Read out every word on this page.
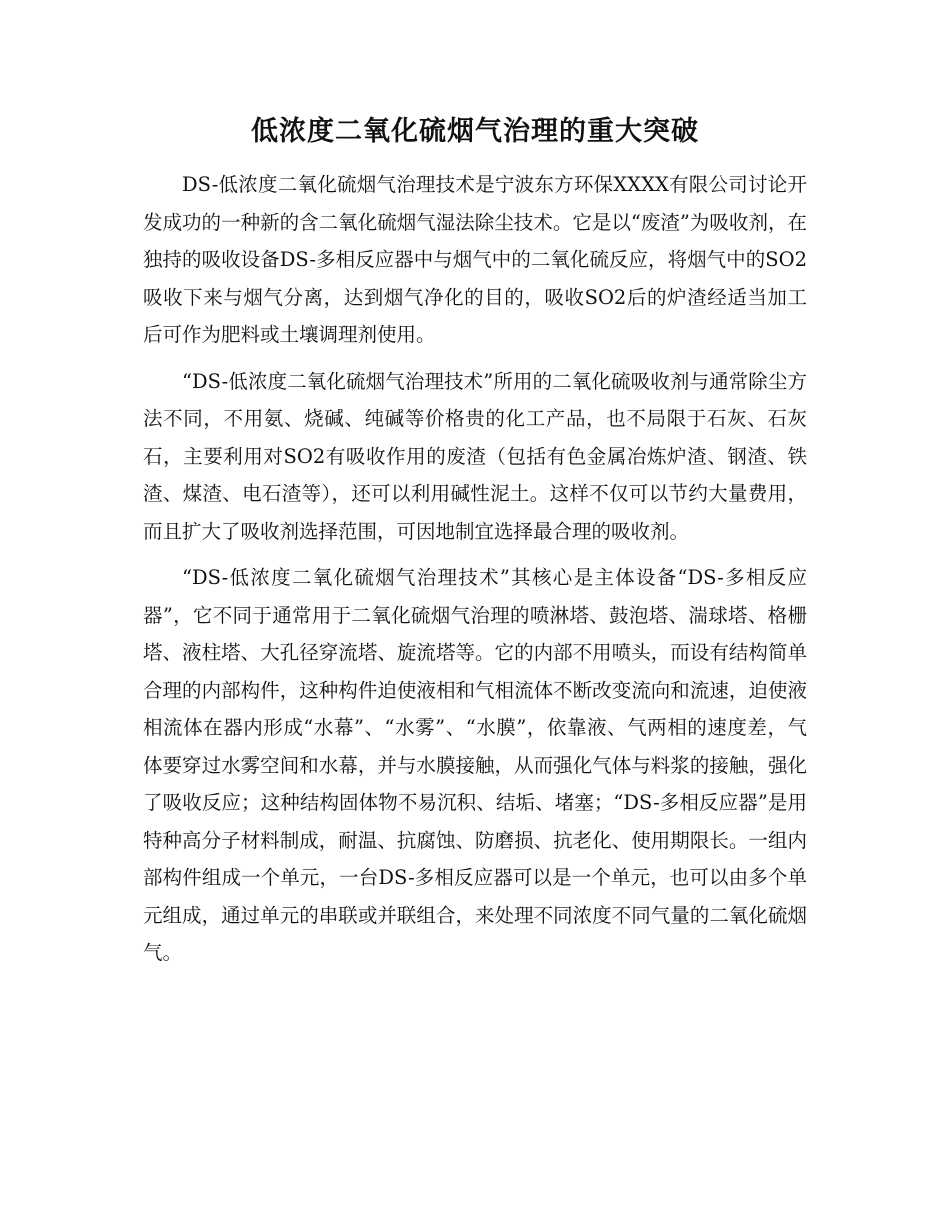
低浓度二氧化硫烟气治理的重大突破

DS-低浓度二氧化硫烟气治理技术是宁波东方环保XXXX有限公司讨论开发成功的一种新的含二氧化硫烟气湿法除尘技术。它是以“废渣”为吸收剂，在独持的吸收设备DS-多相反应器中与烟气中的二氧化硫反应，将烟气中的SO2吸收下来与烟气分离，达到烟气净化的目的，吸收SO2后的炉渣经适当加工后可作为肥料或土壤调理剂使用。

“DS-低浓度二氧化硫烟气治理技术”所用的二氧化硫吸收剂与通常除尘方法不同，不用氨、烧碱、纯碱等价格贵的化工产品，也不局限于石灰、石灰石，主要利用对SO2有吸收作用的废渣（包括有色金属冶炼炉渣、钢渣、铁渣、煤渣、电石渣等），还可以利用碱性泥土。这样不仅可以节约大量费用，而且扩大了吸收剂选择范围，可因地制宜选择最合理的吸收剂。

“DS-低浓度二氧化硫烟气治理技术”其核心是主体设备“DS-多相反应器”，它不同于通常用于二氧化硫烟气治理的喷淋塔、鼓泡塔、湍球塔、格栅塔、液柱塔、大孔径穿流塔、旋流塔等。它的内部不用喷头，而设有结构简单合理的内部构件，这种构件迫使液相和气相流体不断改变流向和流速，迫使液相流体在器内形成“水幕”、“水雾”、“水膜”，依靠液、气两相的速度差，气体要穿过水雾空间和水幕，并与水膜接触，从而强化气体与料浆的接触，强化了吸收反应；这种结构固体物不易沉积、结垢、堵塞；“DS-多相反应器”是用特种高分子材料制成，耐温、抗腐蚀、防磨损、抗老化、使用期限长。一组内部构件组成一个单元，一台DS-多相反应器可以是一个单元，也可以由多个单元组成，通过单元的串联或并联组合，来处理不同浓度不同气量的二氧化硫烟气。
